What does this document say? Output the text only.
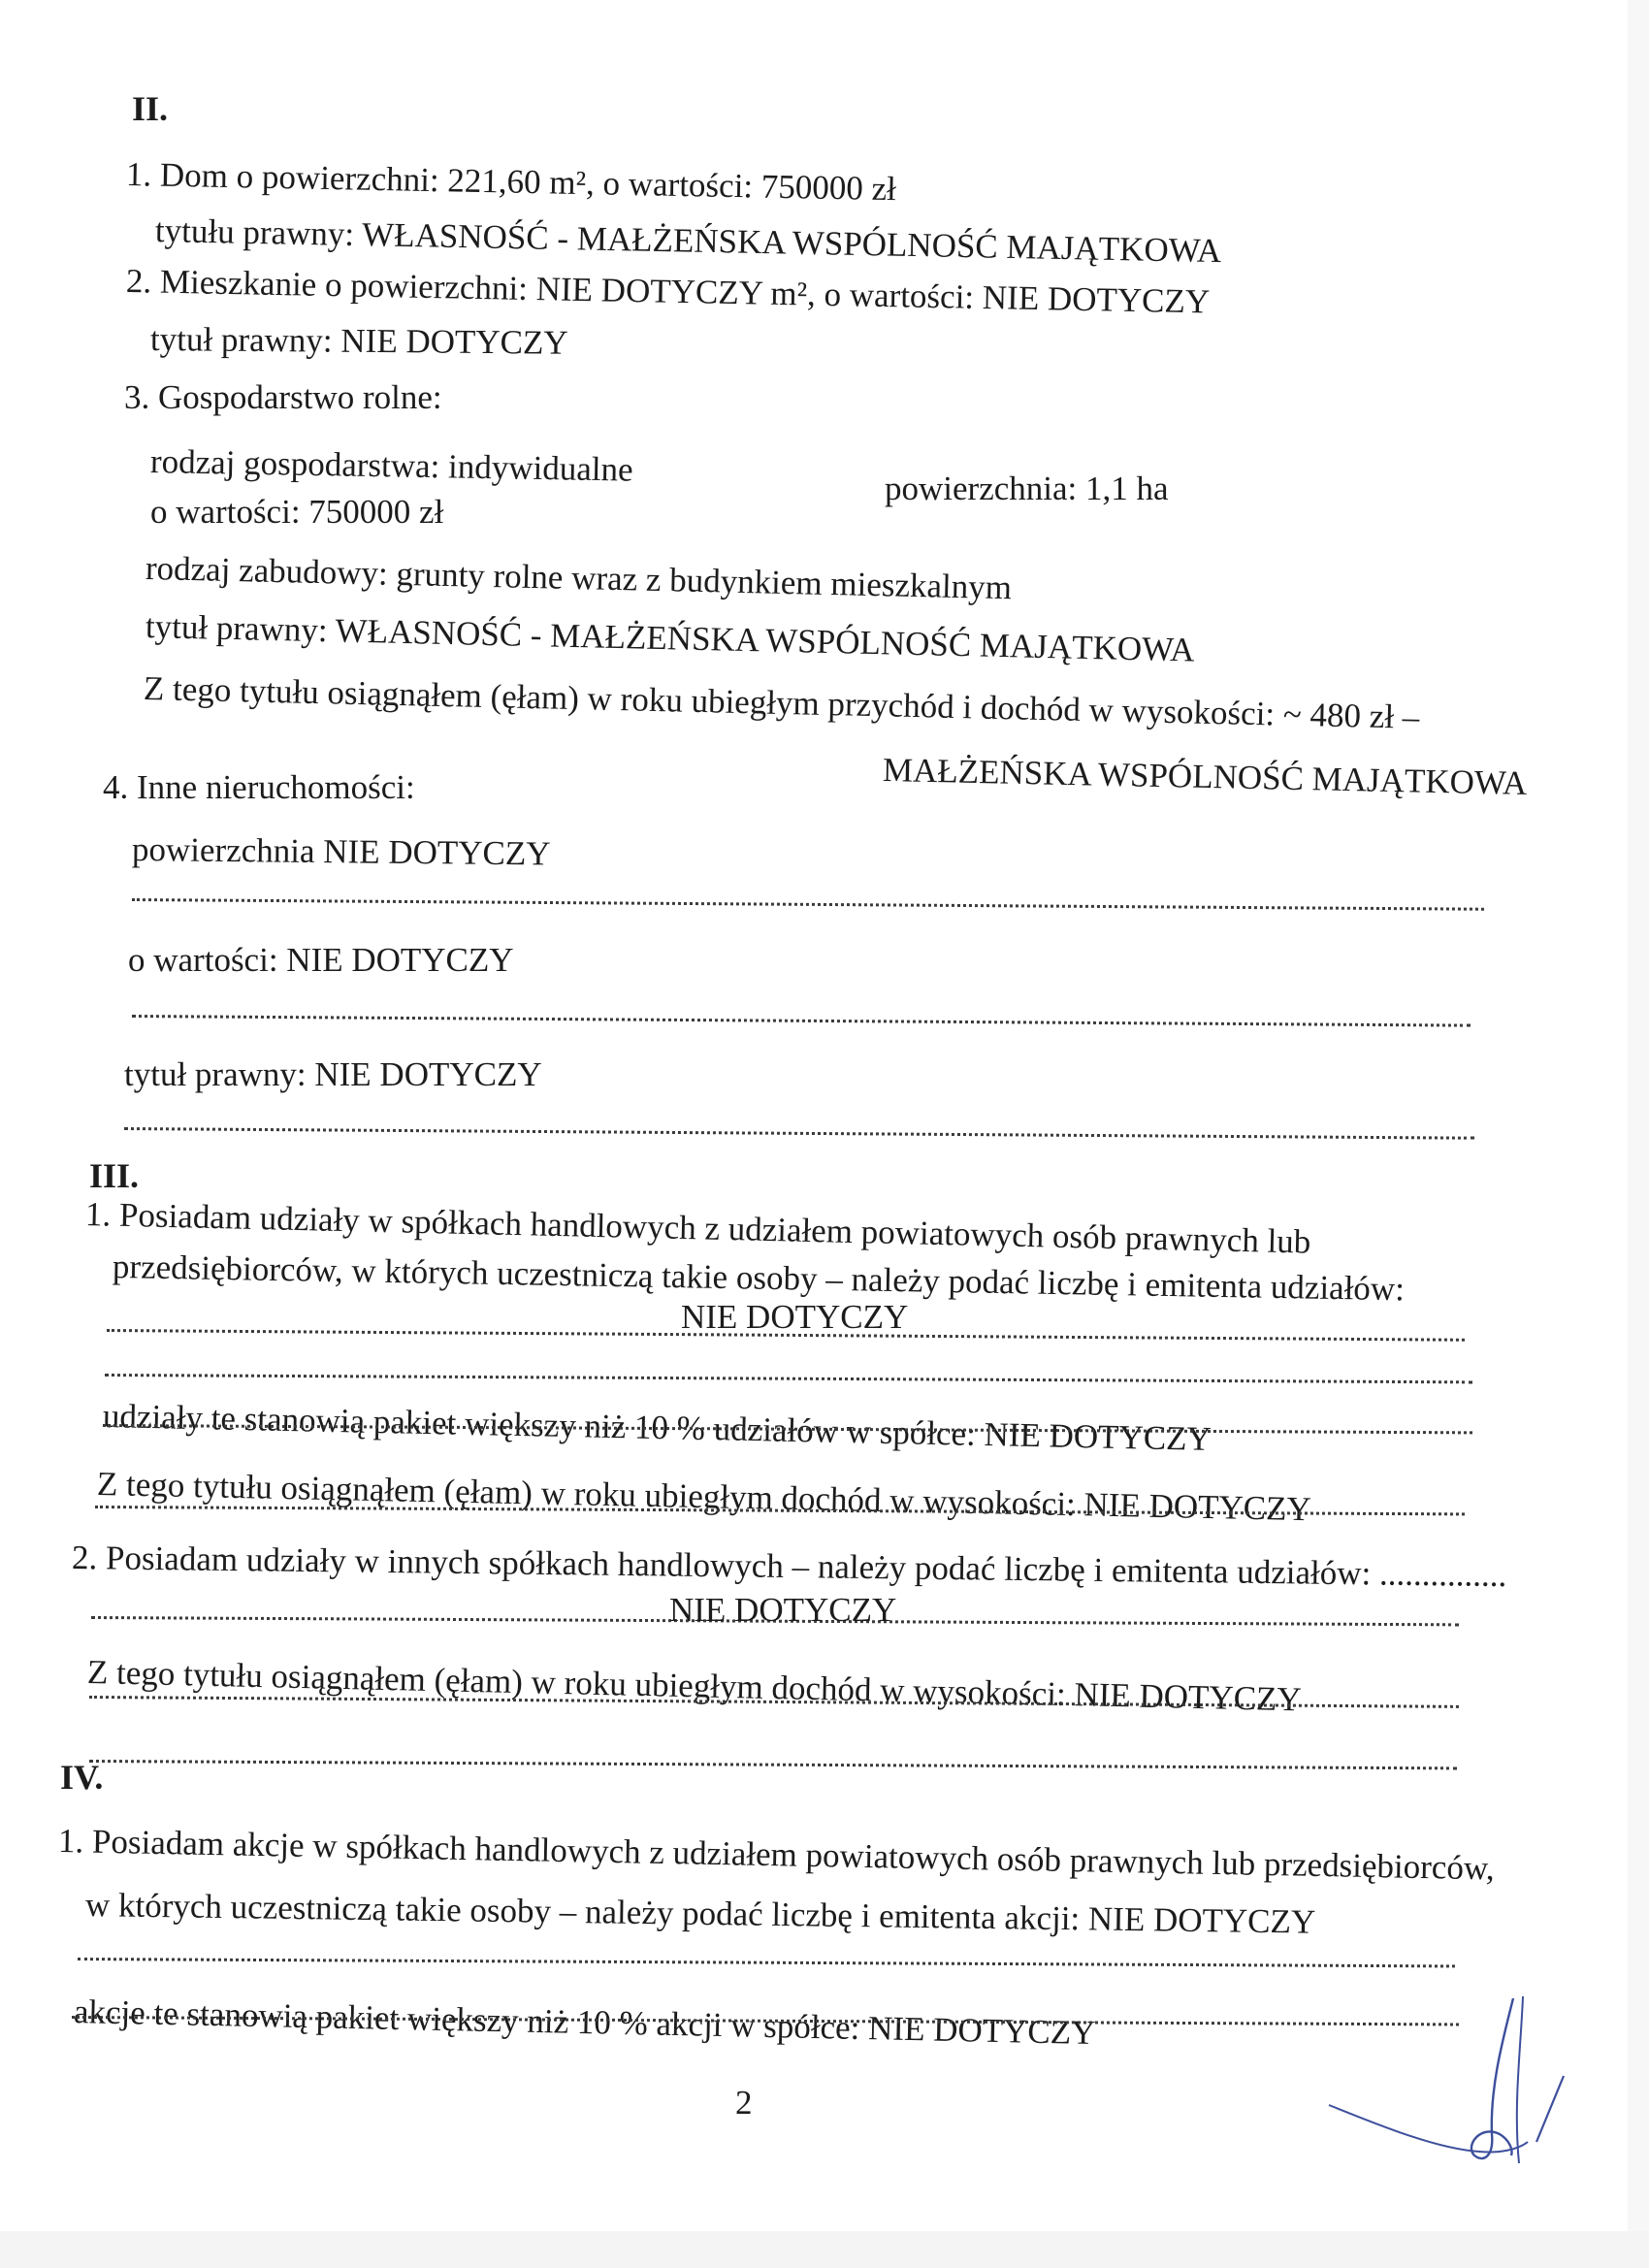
II.
1. Dom o powierzchni: 221,60 m², o wartości: 750000 zł
tytułu prawny: WŁASNOŚĆ - MAŁŻEŃSKA WSPÓLNOŚĆ MAJĄTKOWA
2. Mieszkanie o powierzchni: NIE DOTYCZY m², o wartości: NIE DOTYCZY
tytuł prawny: NIE DOTYCZY
3. Gospodarstwo rolne:
rodzaj gospodarstwa: indywidualne	powierzchnia: 1,1 ha
o wartości: 750000 zł
rodzaj zabudowy: grunty rolne wraz z budynkiem mieszkalnym
tytuł prawny: WŁASNOŚĆ - MAŁŻEŃSKA WSPÓLNOŚĆ MAJĄTKOWA
Z tego tytułu osiągnąłem (ęłam) w roku ubiegłym przychód i dochód w wysokości: ~ 480 zł –
MAŁŻEŃSKA WSPÓLNOŚĆ MAJĄTKOWA
4. Inne nieruchomości:
powierzchnia NIE DOTYCZY
o wartości: NIE DOTYCZY
tytuł prawny: NIE DOTYCZY
III.
1. Posiadam udziały w spółkach handlowych z udziałem powiatowych osób prawnych lub
przedsiębiorców, w których uczestniczą takie osoby – należy podać liczbę i emitenta udziałów:
NIE DOTYCZY
udziały te stanowią pakiet większy niż 10 % udziałów w spółce: NIE DOTYCZY
Z tego tytułu osiągnąłem (ęłam) w roku ubiegłym dochód w wysokości: NIE DOTYCZY
2. Posiadam udziały w innych spółkach handlowych – należy podać liczbę i emitenta udziałów: ...............
NIE DOTYCZY
Z tego tytułu osiągnąłem (ęłam) w roku ubiegłym dochód w wysokości: NIE DOTYCZY
IV.
1. Posiadam akcje w spółkach handlowych z udziałem powiatowych osób prawnych lub przedsiębiorców,
w których uczestniczą takie osoby – należy podać liczbę i emitenta akcji: NIE DOTYCZY
akcje te stanowią pakiet większy niż 10 % akcji w spółce: NIE DOTYCZY
2
